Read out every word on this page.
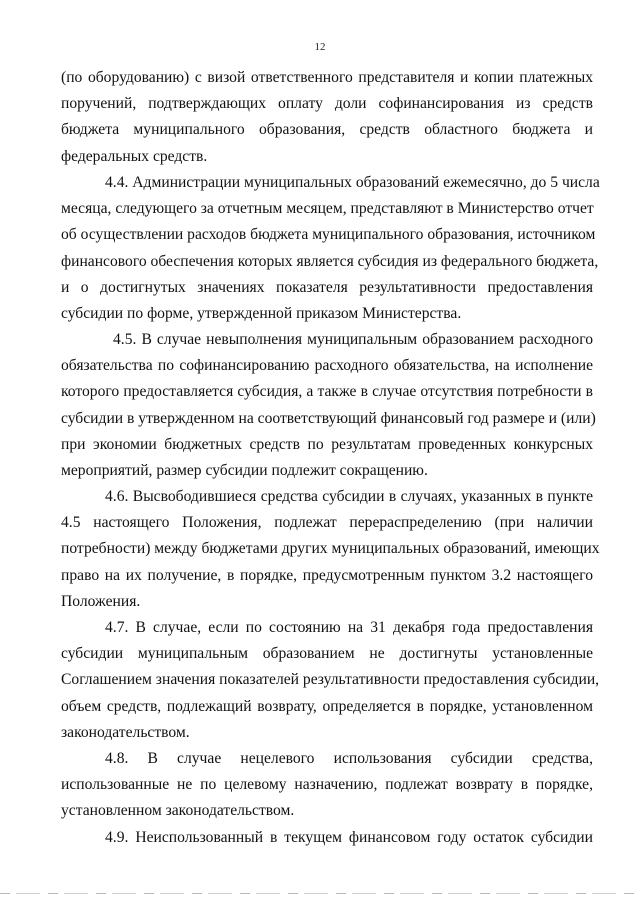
12
(по оборудованию) с визой ответственного представителя и копии платежных
поручений, подтверждающих оплату доли софинансирования из средств
бюджета муниципального образования, средств областного бюджета и
федеральных средств.
4.4. Администрации муниципальных образований ежемесячно, до 5 числа
месяца, следующего за отчетным месяцем, представляют в Министерство отчет
об осуществлении расходов бюджета муниципального образования, источником
финансового обеспечения которых является субсидия из федерального бюджета,
и о достигнутых значениях показателя результативности предоставления
субсидии по форме, утвержденной приказом Министерства.
4.5. В случае невыполнения муниципальным образованием расходного
обязательства по софинансированию расходного обязательства, на исполнение
которого предоставляется субсидия, а также в случае отсутствия потребности в
субсидии в утвержденном на соответствующий финансовый год размере и (или)
при экономии бюджетных средств по результатам проведенных конкурсных
мероприятий, размер субсидии подлежит сокращению.
4.6. Высвободившиеся средства субсидии в случаях, указанных в пункте
4.5 настоящего Положения, подлежат перераспределению (при наличии
потребности) между бюджетами других муниципальных образований, имеющих
право на их получение, в порядке, предусмотренным пунктом 3.2 настоящего
Положения.
4.7. В случае, если по состоянию на 31 декабря года предоставления
субсидии муниципальным образованием не достигнуты установленные
Соглашением значения показателей результативности предоставления субсидии,
объем средств, подлежащий возврату, определяется в порядке, установленном
законодательством.
4.8. В случае нецелевого использования субсидии средства,
использованные не по целевому назначению, подлежат возврату в порядке,
установленном законодательством.
4.9. Неиспользованный в текущем финансовом году остаток субсидии
